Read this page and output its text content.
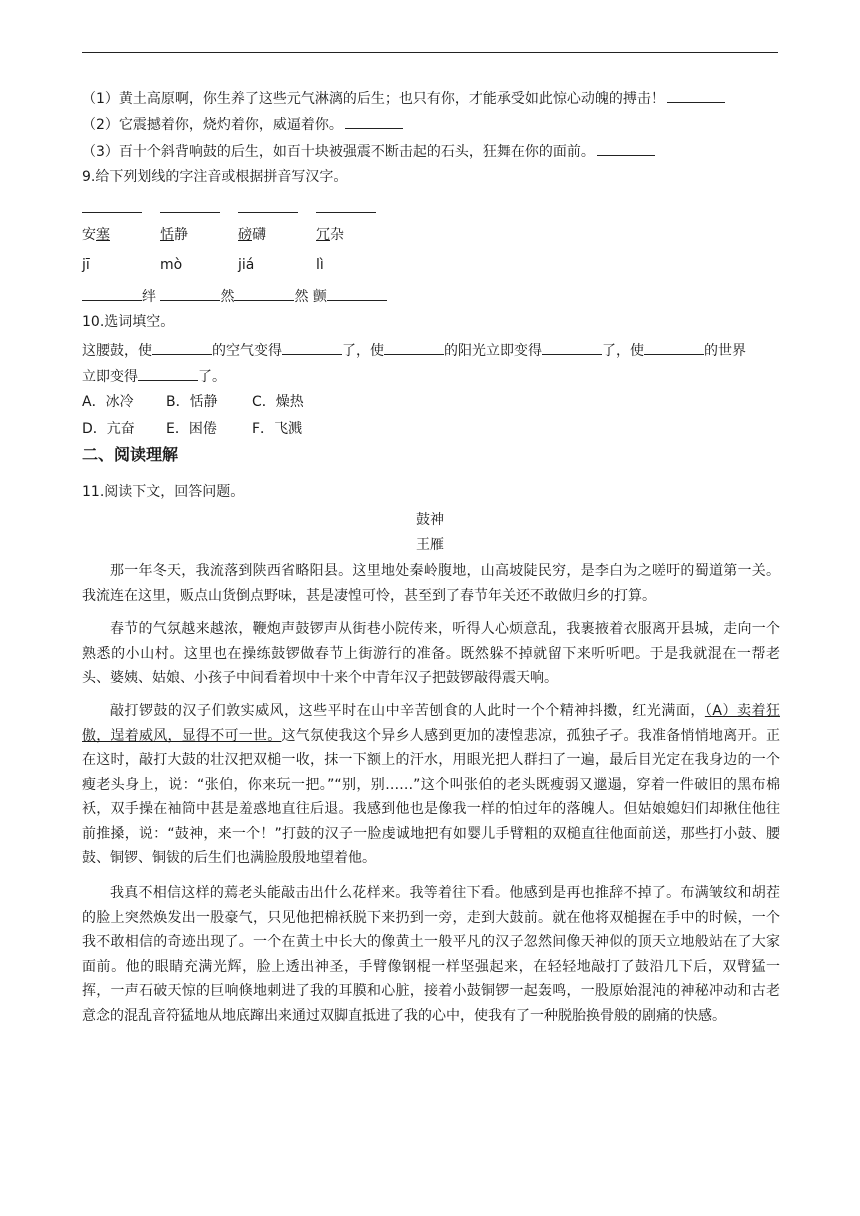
（1）黄土高原啊，你生养了这些元气淋漓的后生；也只有你，才能承受如此惊心动魄的搏击！
（2）它震撼着你，烧灼着你，威逼着你。
（3）百十个斜背响鼓的后生，如百十块被强震不断击起的石头，狂舞在你的面前。
9.给下列划线的字注音或根据拼音写汉字。
安塞	恬静	磅礴	冗杂
jī	mò	jiá	lì
绊	然	然 颤
10.选词填空。
这腰鼓，使	的空气变得	了，使	的阳光立即变得	了，使	的世界
立即变得	了。
A．冰冷 B．恬静 C．燥热
D．亢奋 E．困倦	F．飞溅
二、阅读理解
11.阅读下文，回答问题。
鼓神
王雁
那一年冬天，我流落到陕西省略阳县。这里地处秦岭腹地，山高坡陡民穷，是李白为之嗟吁的蜀道第一关。我流连在这里，贩点山货倒点野味，甚是凄惶可怜，甚至到了春节年关还不敢做归乡的打算。
春节的气氛越来越浓，鞭炮声鼓锣声从街巷小院传来，听得人心烦意乱，我裹掖着衣服离开县城，走向一个熟悉的小山村。这里也在操练鼓锣做春节上街游行的准备。既然躲不掉就留下来听听吧。于是我就混在一帮老头、婆姨、姑娘、小孩子中间看着坝中十来个中青年汉子把鼓锣敲得震天响。
敲打锣鼓的汉子们敦实威风，这些平时在山中辛苦刨食的人此时一个个精神抖擞，红光满面，（A）卖着狂傲，逞着威风，显得不可一世。这气氛使我这个异乡人感到更加的凄惶悲凉，孤独孑孑。我准备悄悄地离开。正在这时，敲打大鼓的壮汉把双槌一收，抹一下额上的汗水，用眼光把人群扫了一遍，最后目光定在我身边的一个瘦老头身上，说：“张伯，你来玩一把。”“别，别……”这个叫张伯的老头既瘦弱又邋遢，穿着一件破旧的黑布棉袄，双手操在袖筒中甚是羞惑地直往后退。我感到他也是像我一样的怕过年的落魄人。但姑娘媳妇们却揪住他往前推搡，说：“鼓神，来一个！”打鼓的汉子一脸虔诚地把有如婴儿手臂粗的双槌直往他面前送，那些打小鼓、腰鼓、铜锣、铜钹的后生们也满脸殷殷地望着他。
我真不相信这样的蔫老头能敲击出什么花样来。我等着往下看。他感到是再也推辞不掉了。布满皱纹和胡茬的脸上突然焕发出一股豪气，只见他把棉袄脱下来扔到一旁，走到大鼓前。就在他将双槌握在手中的时候，一个我不敢相信的奇迹出现了。一个在黄土中长大的像黄土一般平凡的汉子忽然间像天神似的顶天立地般站在了大家面前。他的眼睛充满光辉，脸上透出神圣，手臂像钢棍一样坚强起来，在轻轻地敲打了鼓沿几下后，双臂猛一挥，一声石破天惊的巨响倏地刺进了我的耳膜和心脏，接着小鼓铜锣一起轰鸣，一股原始混沌的神秘冲动和古老意念的混乱音符猛地从地底蹿出来通过双脚直抵进了我的心中，使我有了一种脱胎换骨般的剧痛的快感。
